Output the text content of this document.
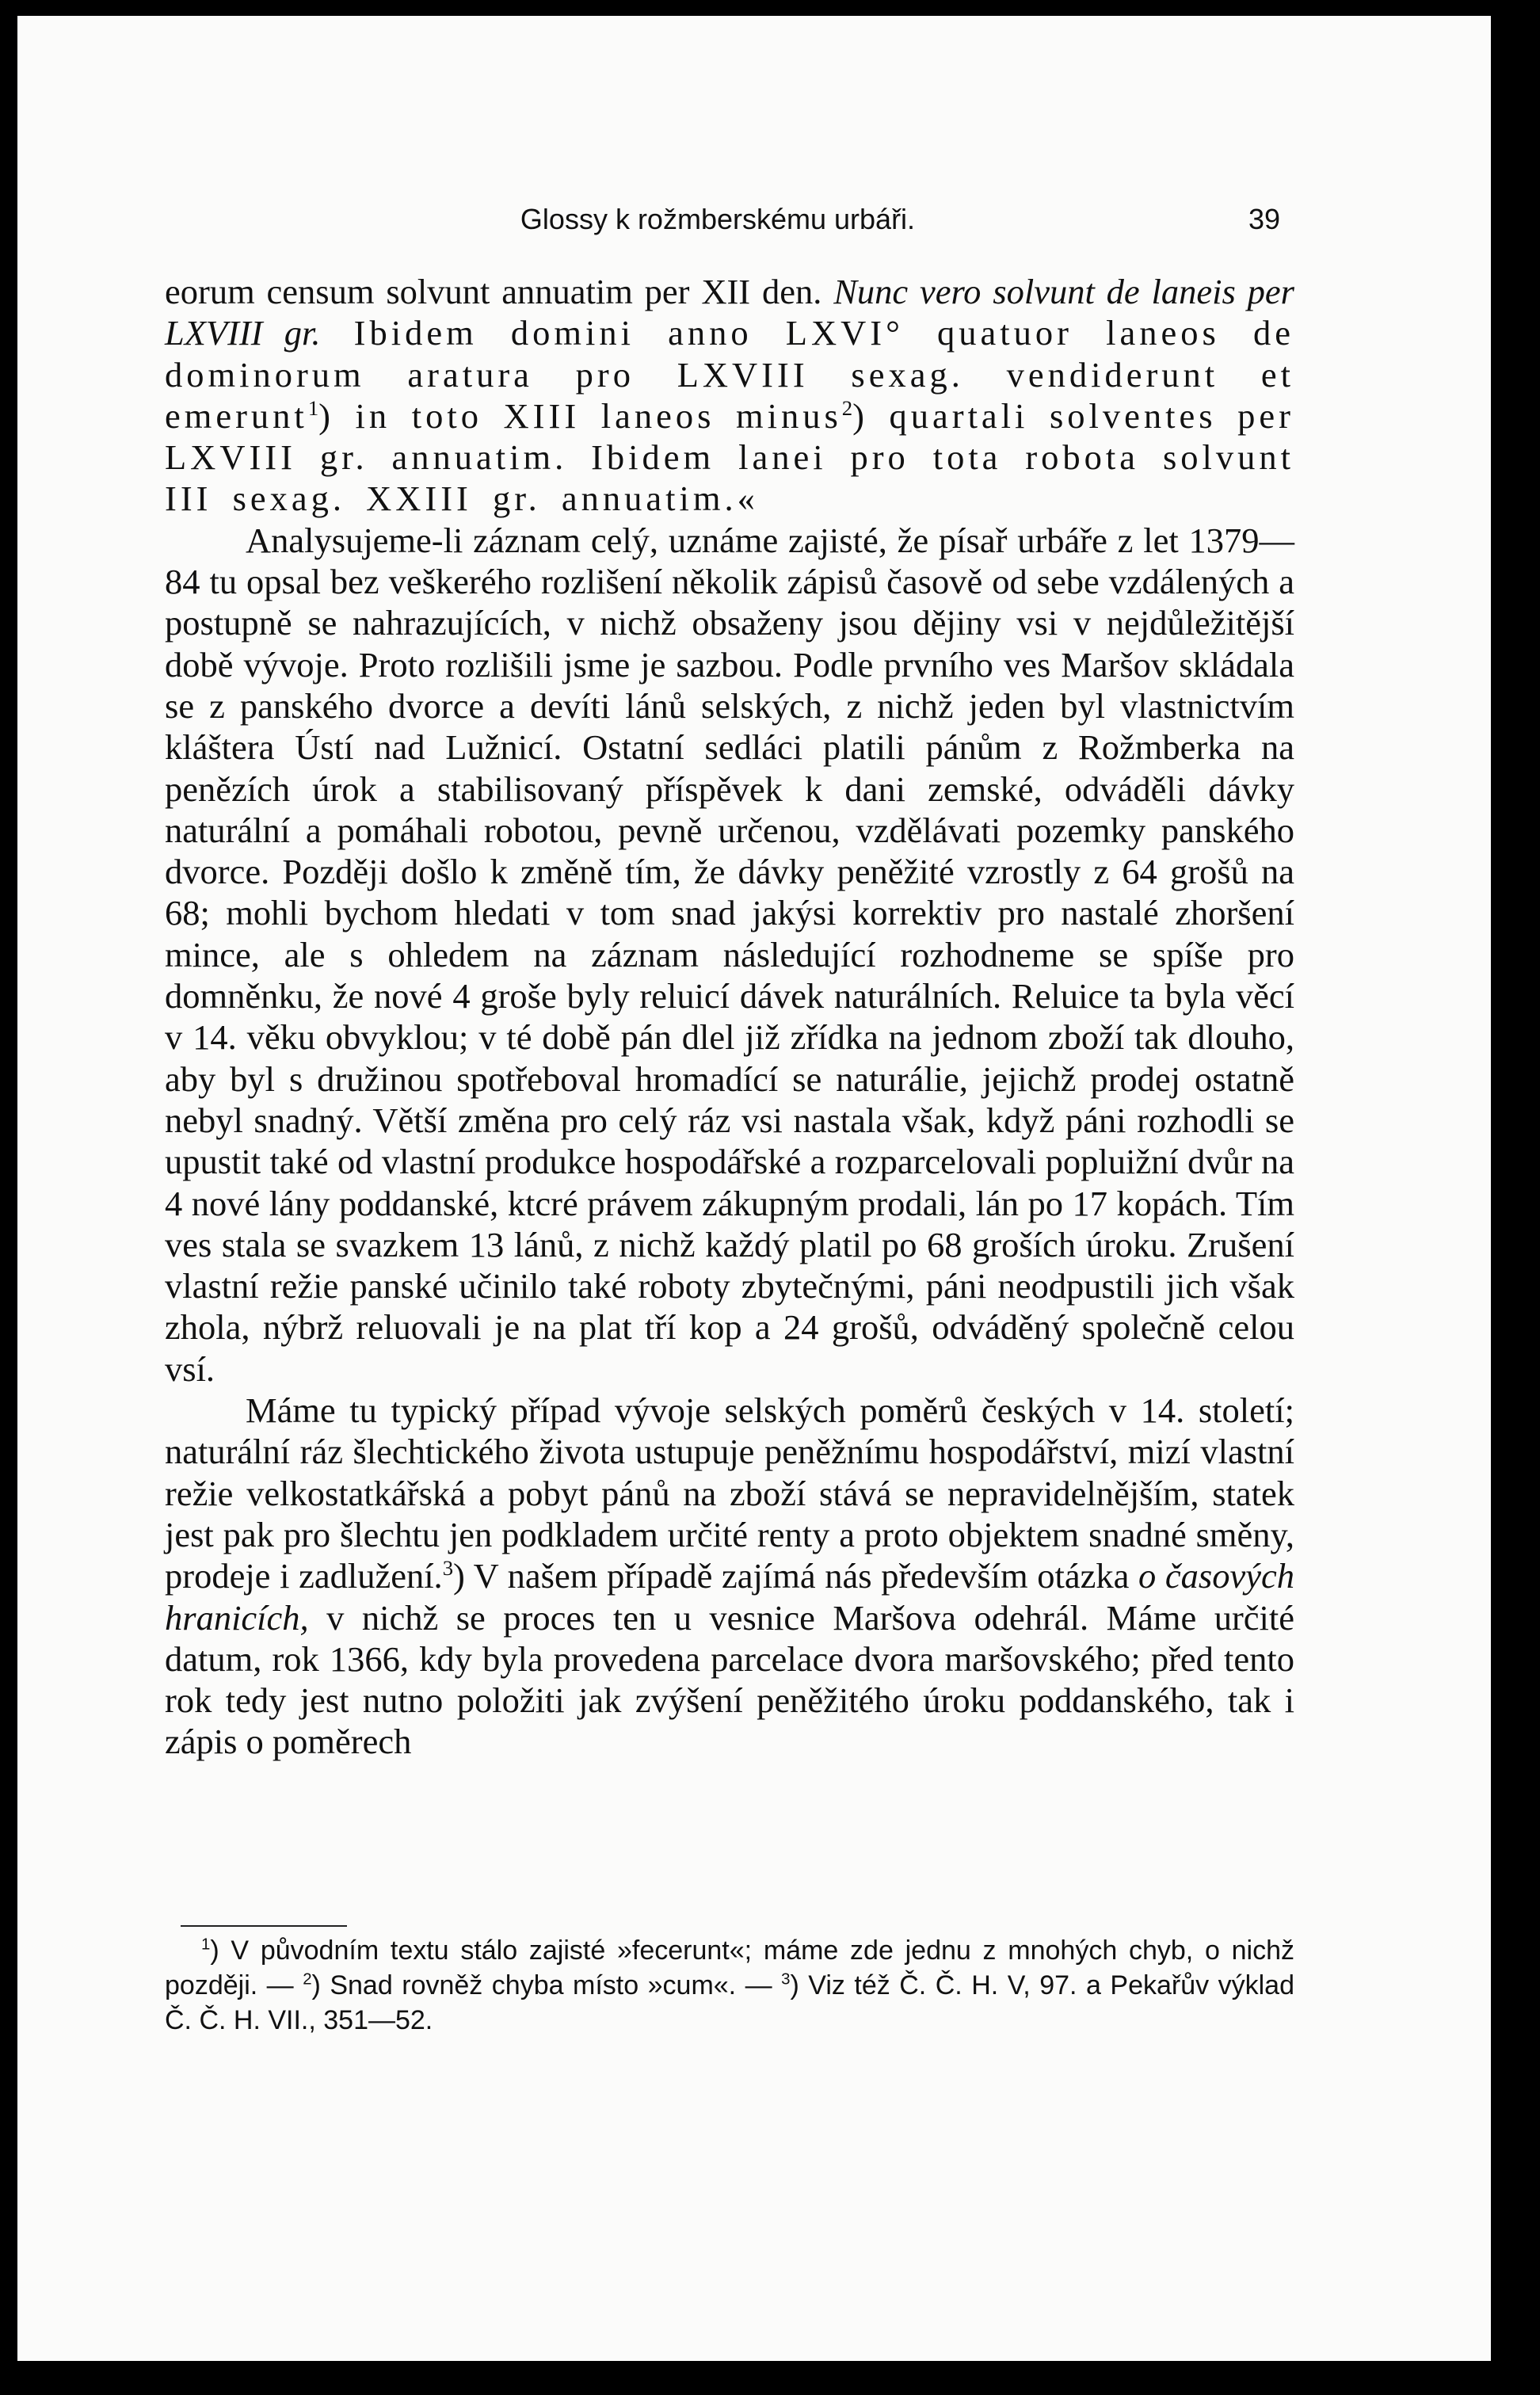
Glossy k rožmberskému urbáři.	39

eorum censum solvunt annuatim per XII den. Nunc vero solvunt de laneis per LXVIII gr. Ibidem domini anno LXVI° quatuor laneos de dominorum aratura pro LXVIII sexag. vendiderunt et emerunt$^1$) in toto XIII laneos minus$^2$) quartali solventes per LXVIII gr. annuatim. Ibidem lanei pro tota robota solvunt III sexag. XXIII gr. annuatim.«

Analysujeme-li záznam celý, uznáme zajisté, že písař urbáře z let 1379—84 tu opsal bez veškerého rozlišení několik zápisů časově od sebe vzdálených a postupně se nahrazujících, v nichž obsaženy jsou dějiny vsi v nejdůležitější době vývoje. Proto rozlišili jsme je sazbou. Podle prvního ves Maršov skládala se z panského dvorce a devíti lánů selských, z nichž jeden byl vlastnictvím kláštera Ústí nad Lužnicí. Ostatní sedláci platili pánům z Rožmberka na penězích úrok a stabilisovaný příspěvek k dani zemské, odváděli dávky naturální a pomáhali robotou, pevně určenou, vzdělávati pozemky panského dvorce. Později došlo k změně tím, že dávky peněžité vzrostly z 64 grošů na 68; mohli bychom hledati v tom snad jakýsi korrektiv pro nastalé zhoršení mince, ale s ohledem na záznam následující rozhodneme se spíše pro domněnku, že nové 4 groše byly reluicí dávek naturálních. Reluice ta byla věcí v 14. věku obvyklou; v té době pán dlel již zřídka na jednom zboží tak dlouho, aby byl s družinou spotřeboval hromadící se naturálie, jejichž prodej ostatně nebyl snadný. Větší změna pro celý ráz vsi nastala však, když páni rozhodli se upustit také od vlastní produkce hospodářské a rozparcelovali popluižní dvůr na 4 nové lány poddanské, ktcré právem zákupným prodali, lán po 17 kopách. Tím ves stala se svazkem 13 lánů, z nichž každý platil po 68 groších úroku. Zrušení vlastní režie panské učinilo také roboty zbytečnými, páni neodpustili jich však zhola, nýbrž reluovali je na plat tří kop a 24 grošů, odváděný společně celou vsí.

Máme tu typický případ vývoje selských poměrů českých v 14. století; naturální ráz šlechtického života ustupuje peněžnímu hospodářství, mizí vlastní režie velkostatkářská a pobyt pánů na zboží stává se nepravidelnějším, statek jest pak pro šlechtu jen podkladem určité renty a proto objektem snadné směny, prodeje i zadlužení.$^3$) V našem případě zajímá nás především otázka o časových hranicích, v nichž se proces ten u vesnice Maršova odehrál. Máme určité datum, rok 1366, kdy byla provedena parcelace dvora maršovského; před tento rok tedy jest nutno položiti jak zvýšení peněžitého úroku poddanského, tak i zápis o poměrech

$^1$) V původním textu stálo zajisté »fecerunt«; máme zde jednu z mnohých chyb, o nichž později. — $^2$) Snad rovněž chyba místo »cum«. — $^3$) Viz též Č. Č. H. V, 97. a Pekařův výklad Č. Č. H. VII., 351—52.
